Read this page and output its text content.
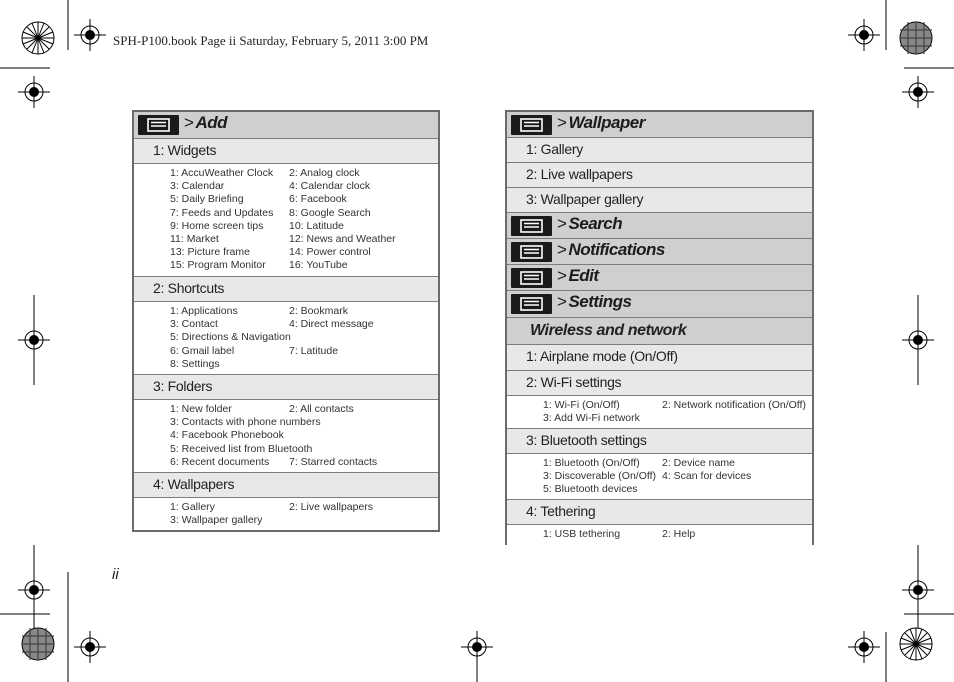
SPH-P100.book Page ii Saturday, February 5, 2011 3:00 PM
ii
> Add
1: Widgets
1: AccuWeather Clock	2: Analog clock
3: Calendar	4: Calendar clock
5: Daily Briefing	6: Facebook
7: Feeds and Updates	8: Google Search
9: Home screen tips	10: Latitude
11: Market	12: News and Weather
13: Picture frame	14: Power control
15: Program Monitor	16: YouTube
2: Shortcuts
1: Applications	2: Bookmark
3: Contact	4: Direct message
5: Directions & Navigation
6: Gmail label	7: Latitude
8: Settings
3: Folders
1: New folder	2: All contacts
3: Contacts with phone numbers
4: Facebook Phonebook
5: Received list from Bluetooth
6: Recent documents	7: Starred contacts
4: Wallpapers
1: Gallery	2: Live wallpapers
3: Wallpaper gallery
> Wallpaper
1: Gallery
2: Live wallpapers
3: Wallpaper gallery
> Search
> Notifications
> Edit
> Settings
Wireless and network
1: Airplane mode (On/Off)
2: Wi-Fi settings
1: Wi-Fi (On/Off)	2: Network notification (On/Off)
3: Add Wi-Fi network
3: Bluetooth settings
1: Bluetooth (On/Off)	2: Device name
3: Discoverable (On/Off) 4: Scan for devices
5: Bluetooth devices
4: Tethering
1: USB tethering	2: Help
